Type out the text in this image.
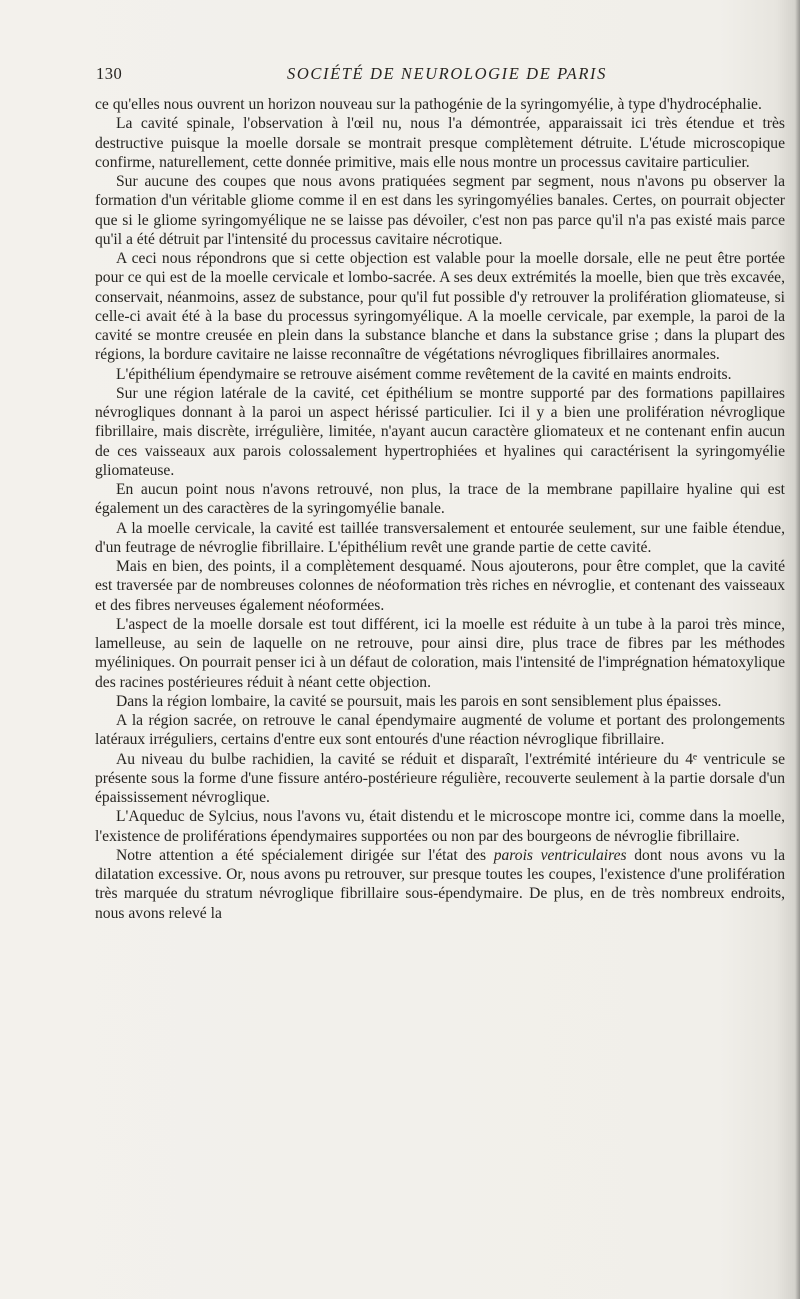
130	SOCIÉTÉ DE NEUROLOGIE DE PARIS

ce qu'elles nous ouvrent un horizon nouveau sur la pathogénie de la syringomyélie, à type d'hydrocéphalie.

La cavité spinale, l'observation à l'œil nu, nous l'a démontrée, apparaissait ici très étendue et très destructive puisque la moelle dorsale se montrait presque complètement détruite. L'étude microscopique confirme, naturellement, cette donnée primitive, mais elle nous montre un processus cavitaire particulier.

Sur aucune des coupes que nous avons pratiquées segment par segment, nous n'avons pu observer la formation d'un véritable gliome comme il en est dans les syringomyélies banales. Certes, on pourrait objecter que si le gliome syringomyélique ne se laisse pas dévoiler, c'est non pas parce qu'il n'a pas existé mais parce qu'il a été détruit par l'intensité du processus cavitaire nécrotique.

A ceci nous répondrons que si cette objection est valable pour la moelle dorsale, elle ne peut être portée pour ce qui est de la moelle cervicale et lombo-sacrée. A ses deux extrémités la moelle, bien que très excavée, conservait, néanmoins, assez de substance, pour qu'il fut possible d'y retrouver la prolifération gliomateuse, si celle-ci avait été à la base du processus syringomyélique. A la moelle cervicale, par exemple, la paroi de la cavité se montre creusée en plein dans la substance blanche et dans la substance grise ; dans la plupart des régions, la bordure cavitaire ne laisse reconnaître de végétations névrogliques fibrillaires anormales.

L'épithélium épendymaire se retrouve aisément comme revêtement de la cavité en maints endroits.

Sur une région latérale de la cavité, cet épithélium se montre supporté par des formations papillaires névrogliques donnant à la paroi un aspect hérissé particulier. Ici il y a bien une prolifération névroglique fibrillaire, mais discrète, irrégulière, limitée, n'ayant aucun caractère gliomateux et ne contenant enfin aucun de ces vaisseaux aux parois colossalement hypertrophiées et hyalines qui caractérisent la syringomyélie gliomateuse.

En aucun point nous n'avons retrouvé, non plus, la trace de la membrane papillaire hyaline qui est également un des caractères de la syringomyélie banale.

A la moelle cervicale, la cavité est taillée transversalement et entourée seulement, sur une faible étendue, d'un feutrage de névroglie fibrillaire. L'épithélium revêt une grande partie de cette cavité.

Mais en bien, des points, il a complètement desquamé. Nous ajouterons, pour être complet, que la cavité est traversée par de nombreuses colonnes de néoformation très riches en névroglie, et contenant des vaisseaux et des fibres nerveuses également néoformées.

L'aspect de la moelle dorsale est tout différent, ici la moelle est réduite à un tube à la paroi très mince, lamelleuse, au sein de laquelle on ne retrouve, pour ainsi dire, plus trace de fibres par les méthodes myéliniques. On pourrait penser ici à un défaut de coloration, mais l'intensité de l'imprégnation hématoxylique des racines postérieures réduit à néant cette objection.

Dans la région lombaire, la cavité se poursuit, mais les parois en sont sensiblement plus épaisses.

A la région sacrée, on retrouve le canal épendymaire augmenté de volume et portant des prolongements latéraux irréguliers, certains d'entre eux sont entourés d'une réaction névroglique fibrillaire.

Au niveau du bulbe rachidien, la cavité se réduit et disparaît, l'extrémité intérieure du 4ᵉ ventricule se présente sous la forme d'une fissure antéro-postérieure régulière, recouverte seulement à la partie dorsale d'un épaississement névroglique.

L'Aqueduc de Sylcius, nous l'avons vu, était distendu et le microscope montre ici, comme dans la moelle, l'existence de proliférations épendymaires supportées ou non par des bourgeons de névroglie fibrillaire.

Notre attention a été spécialement dirigée sur l'état des parois ventriculaires dont nous avons vu la dilatation excessive. Or, nous avons pu retrouver, sur presque toutes les coupes, l'existence d'une prolifération très marquée du stratum névroglique fibrillaire sous-épendymaire. De plus, en de très nombreux endroits, nous avons relevé la
